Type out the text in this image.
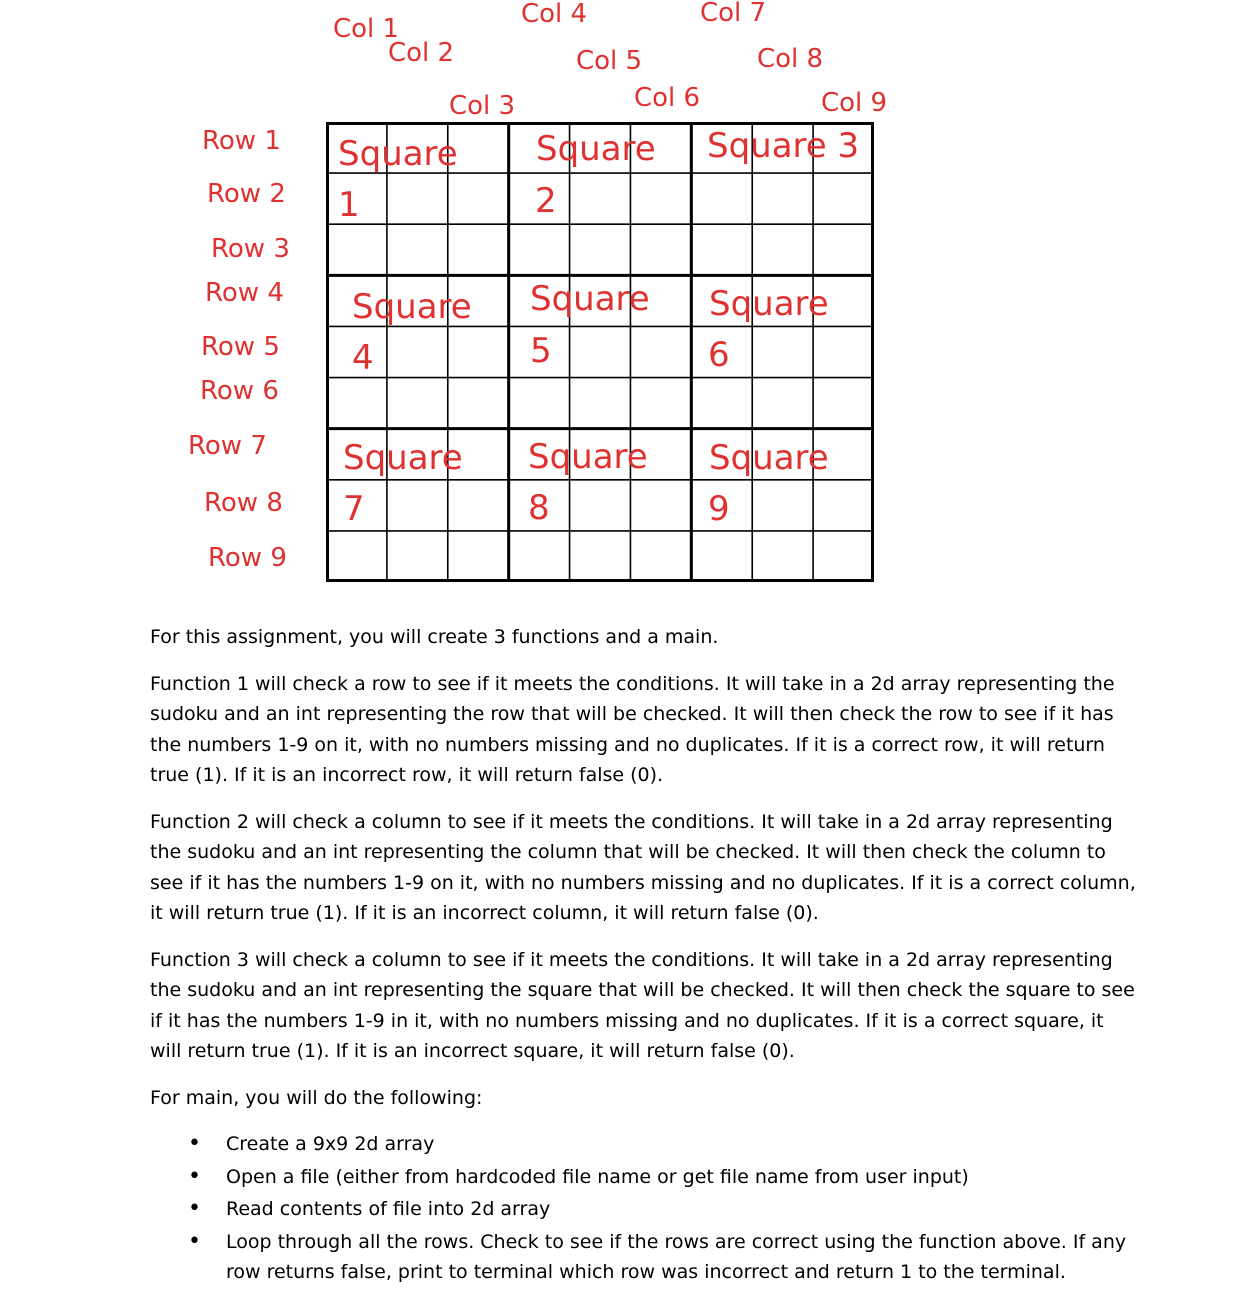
Col 1
Col 2
Col 3
Col 4
Col 5
Col 6
Col 7
Col 8
Col 9
Row 1
Row 2
Row 3
Row 4
Row 5
Row 6
Row 7
Row 8
Row 9
Square
1
Square
2
Square 3
Square
4
Square
5
Square
6
Square
7
Square
8
Square
9

For this assignment, you will create 3 functions and a main.

Function 1 will check a row to see if it meets the conditions. It will take in a 2d array representing the sudoku and an int representing the row that will be checked. It will then check the row to see if it has the numbers 1-9 on it, with no numbers missing and no duplicates. If it is a correct row, it will return true (1). If it is an incorrect row, it will return false (0).

Function 2 will check a column to see if it meets the conditions. It will take in a 2d array representing the sudoku and an int representing the column that will be checked. It will then check the column to see if it has the numbers 1-9 on it, with no numbers missing and no duplicates. If it is a correct column, it will return true (1). If it is an incorrect column, it will return false (0).

Function 3 will check a column to see if it meets the conditions. It will take in a 2d array representing the sudoku and an int representing the square that will be checked. It will then check the square to see if it has the numbers 1-9 in it, with no numbers missing and no duplicates. If it is a correct square, it will return true (1). If it is an incorrect square, it will return false (0).

For main, you will do the following:

• Create a 9x9 2d array
• Open a file (either from hardcoded file name or get file name from user input)
• Read contents of file into 2d array
• Loop through all the rows. Check to see if the rows are correct using the function above. If any row returns false, print to terminal which row was incorrect and return 1 to the terminal.
